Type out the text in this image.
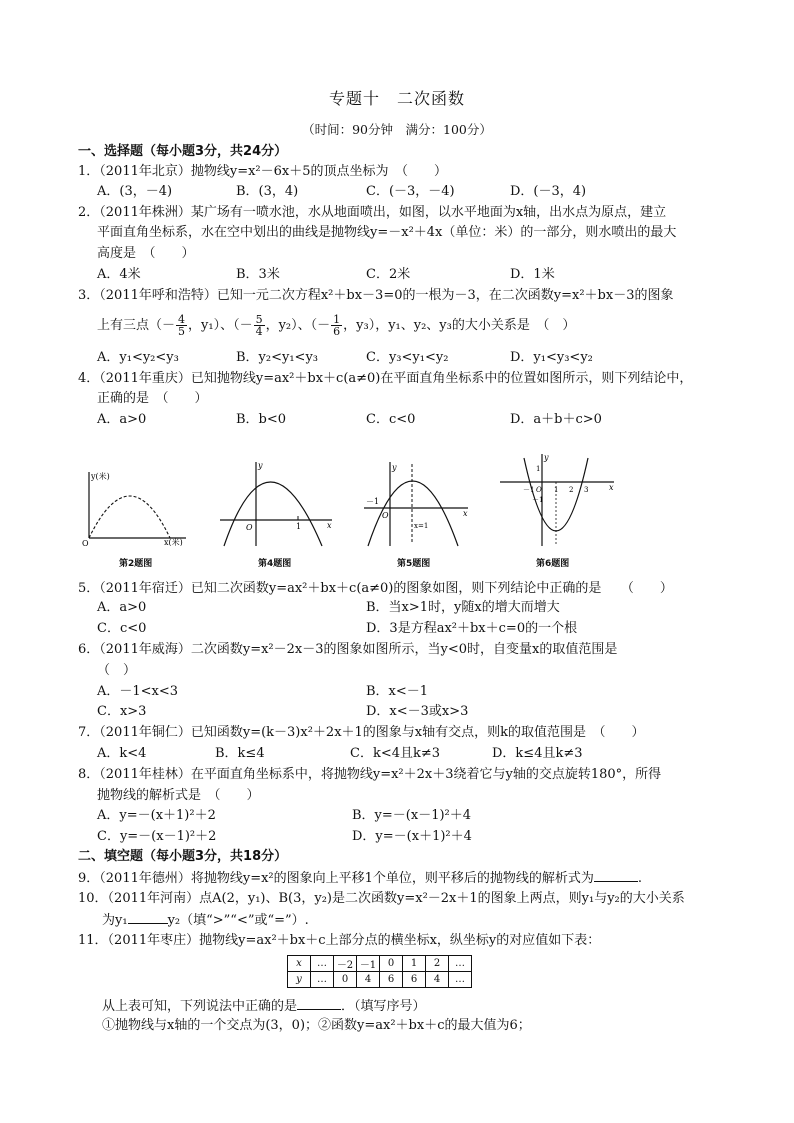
专题十　二次函数
（时间：90分钟　满分：100分）
一、选择题（每小题3分，共24分）
1．（2011年北京）抛物线y=x²－6x＋5的顶点坐标为　（　　）
A．(3，－4)	B．(3，4)	C．(－3，－4)	D．(－3，4)
2．（2011年株洲）某广场有一喷水池，水从地面喷出，如图，以水平地面为x轴，出水点为原点，建立
平面直角坐标系，水在空中划出的曲线是抛物线y=－x²＋4x（单位：米）的一部分，则水喷出的最大
高度是　（　　）
A．4米	B．3米	C．2米	D．1米
3．（2011年呼和浩特）已知一元二次方程x²＋bx－3=0的一根为－3，在二次函数y=x²＋bx－3的图象
上有三点（－ $\frac{4}{5}$ ，y₁）、（－ $\frac{5}{4}$ ，y₂）、（－ $\frac{1}{6}$ ，y₃），y₁、y₂、y₃的大小关系是　（　）
A．y₁<y₂<y₃	B．y₂<y₁<y₃	C．y₃<y₁<y₂	D．y₁<y₃<y₂
4．（2011年重庆）已知抛物线y=ax²＋bx＋c(a≠0)在平面直角坐标系中的位置如图所示，则下列结论中，
正确的是　（　　）
A．a>0	B．b<0	C．c<0	D．a＋b＋c>0
y(米)
O	x(米)
第2题图
y
O	1	x
第4题图
y
－1
O
x=1
x
第5题图
y
－1 O 1 2 3
1
－1
x
第6题图
5．（2011年宿迁）已知二次函数y=ax²＋bx＋c(a≠0)的图象如图，则下列结论中正确的是　　（　　）
A．a>0	B．当x>1时，y随x的增大而增大
C．c<0	D．3是方程ax²＋bx＋c=0的一个根
6．（2011年威海）二次函数y=x²－2x－3的图象如图所示，当y<0时，自变量x的取值范围是
（　）
A．－1<x<3	B．x<－1
C．x>3	D．x<－3或x>3
7．（2011年铜仁）已知函数y=(k－3)x²＋2x＋1的图象与x轴有交点，则k的取值范围是　（　　）
A．k<4	B．k≤4	C．k<4且k≠3	D．k≤4且k≠3
8．（2011年桂林）在平面直角坐标系中，将抛物线y=x²＋2x＋3绕着它与y轴的交点旋转180°，所得
抛物线的解析式是　（　　）
A．y=－(x＋1)²＋2	B．y=－(x－1)²＋4
C．y=－(x－1)²＋2	D．y=－(x＋1)²＋4
二、填空题（每小题3分，共18分）
9．（2011年德州）将抛物线y=x²的图象向上平移1个单位，则平移后的抛物线的解析式为	.
10．（2011年河南）点A(2，y₁)、B(3，y₂)是二次函数y=x²－2x＋1的图象上两点，则y₁与y₂的大小关系
为y₁	y₂（填“>”“<”或“=”）.
11．（2011年枣庄）抛物线y=ax²＋bx＋c上部分点的横坐标x，纵坐标y的对应值如下表：
x	…	－2	－1	0	1	2	…
y	…	0	4	6	6	4	…
从上表可知，下列说法中正确的是	．（填写序号）
①抛物线与x轴的一个交点为(3，0)；②函数y=ax²＋bx＋c的最大值为6；
